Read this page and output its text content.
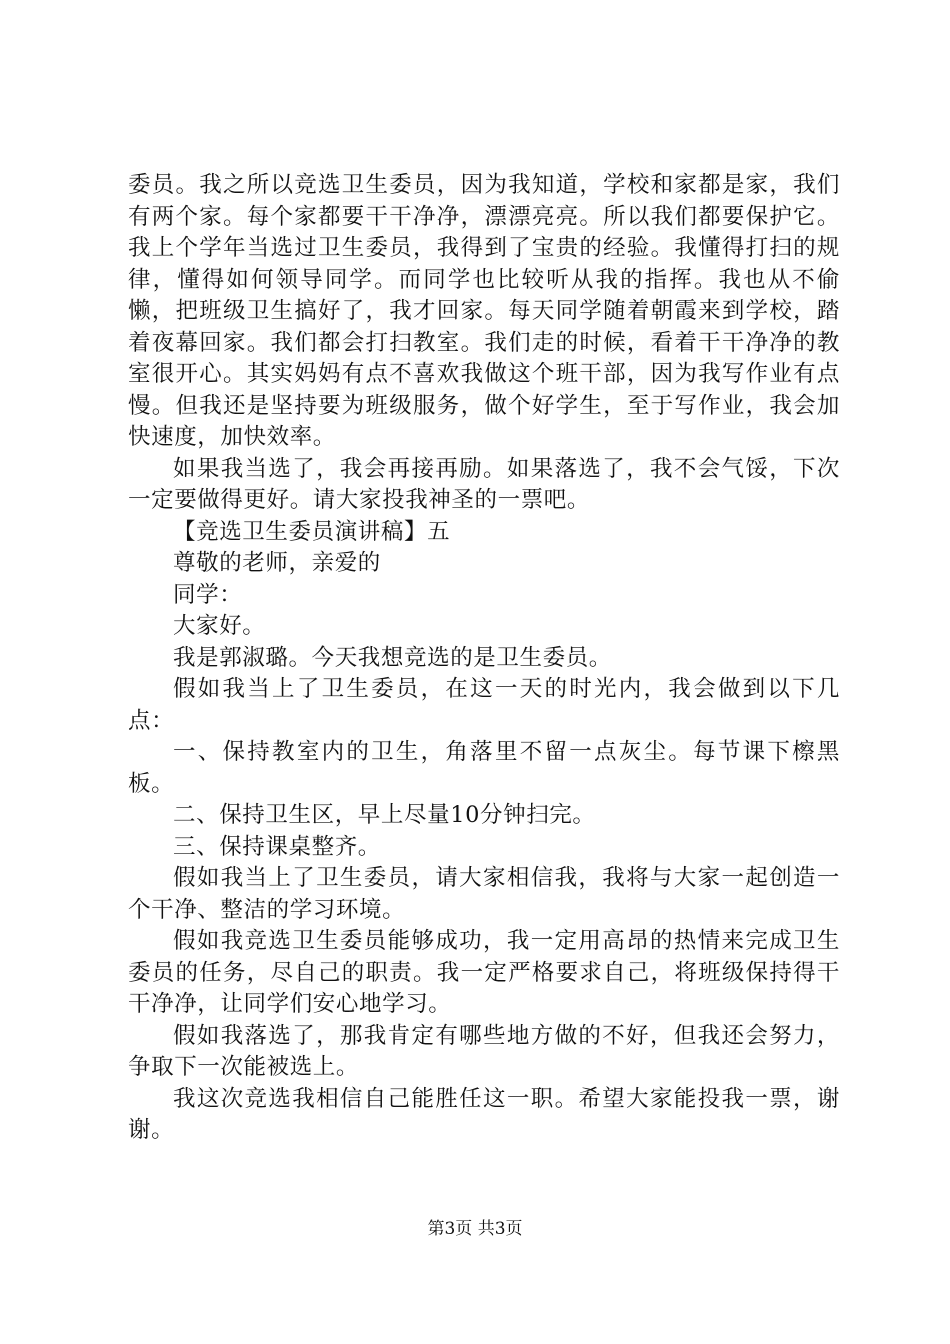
委员。我之所以竞选卫生委员，因为我知道，学校和家都是家，我们有两个家。每个家都要干干净净，漂漂亮亮。所以我们都要保护它。我上个学年当选过卫生委员，我得到了宝贵的经验。我懂得打扫的规律，懂得如何领导同学。而同学也比较听从我的指挥。我也从不偷懒，把班级卫生搞好了，我才回家。每天同学随着朝霞来到学校，踏着夜幕回家。我们都会打扫教室。我们走的时候，看着干干净净的教室很开心。其实妈妈有点不喜欢我做这个班干部，因为我写作业有点慢。但我还是坚持要为班级服务，做个好学生，至于写作业，我会加快速度，加快效率。

如果我当选了，我会再接再励。如果落选了，我不会气馁，下次一定要做得更好。请大家投我神圣的一票吧。

【竞选卫生委员演讲稿】五

尊敬的老师，亲爱的

同学：

大家好。

我是郭淑璐。今天我想竞选的是卫生委员。

假如我当上了卫生委员，在这一天的时光内，我会做到以下几点：

一、保持教室内的卫生，角落里不留一点灰尘。每节课下檫黑板。

二、保持卫生区，早上尽量10分钟扫完。

三、保持课桌整齐。

假如我当上了卫生委员，请大家相信我，我将与大家一起创造一个干净、整洁的学习环境。

假如我竞选卫生委员能够成功，我一定用高昂的热情来完成卫生委员的任务，尽自己的职责。我一定严格要求自己，将班级保持得干干净净，让同学们安心地学习。

假如我落选了，那我肯定有哪些地方做的不好，但我还会努力，争取下一次能被选上。

我这次竞选我相信自己能胜任这一职。希望大家能投我一票，谢谢。

第3页 共3页
